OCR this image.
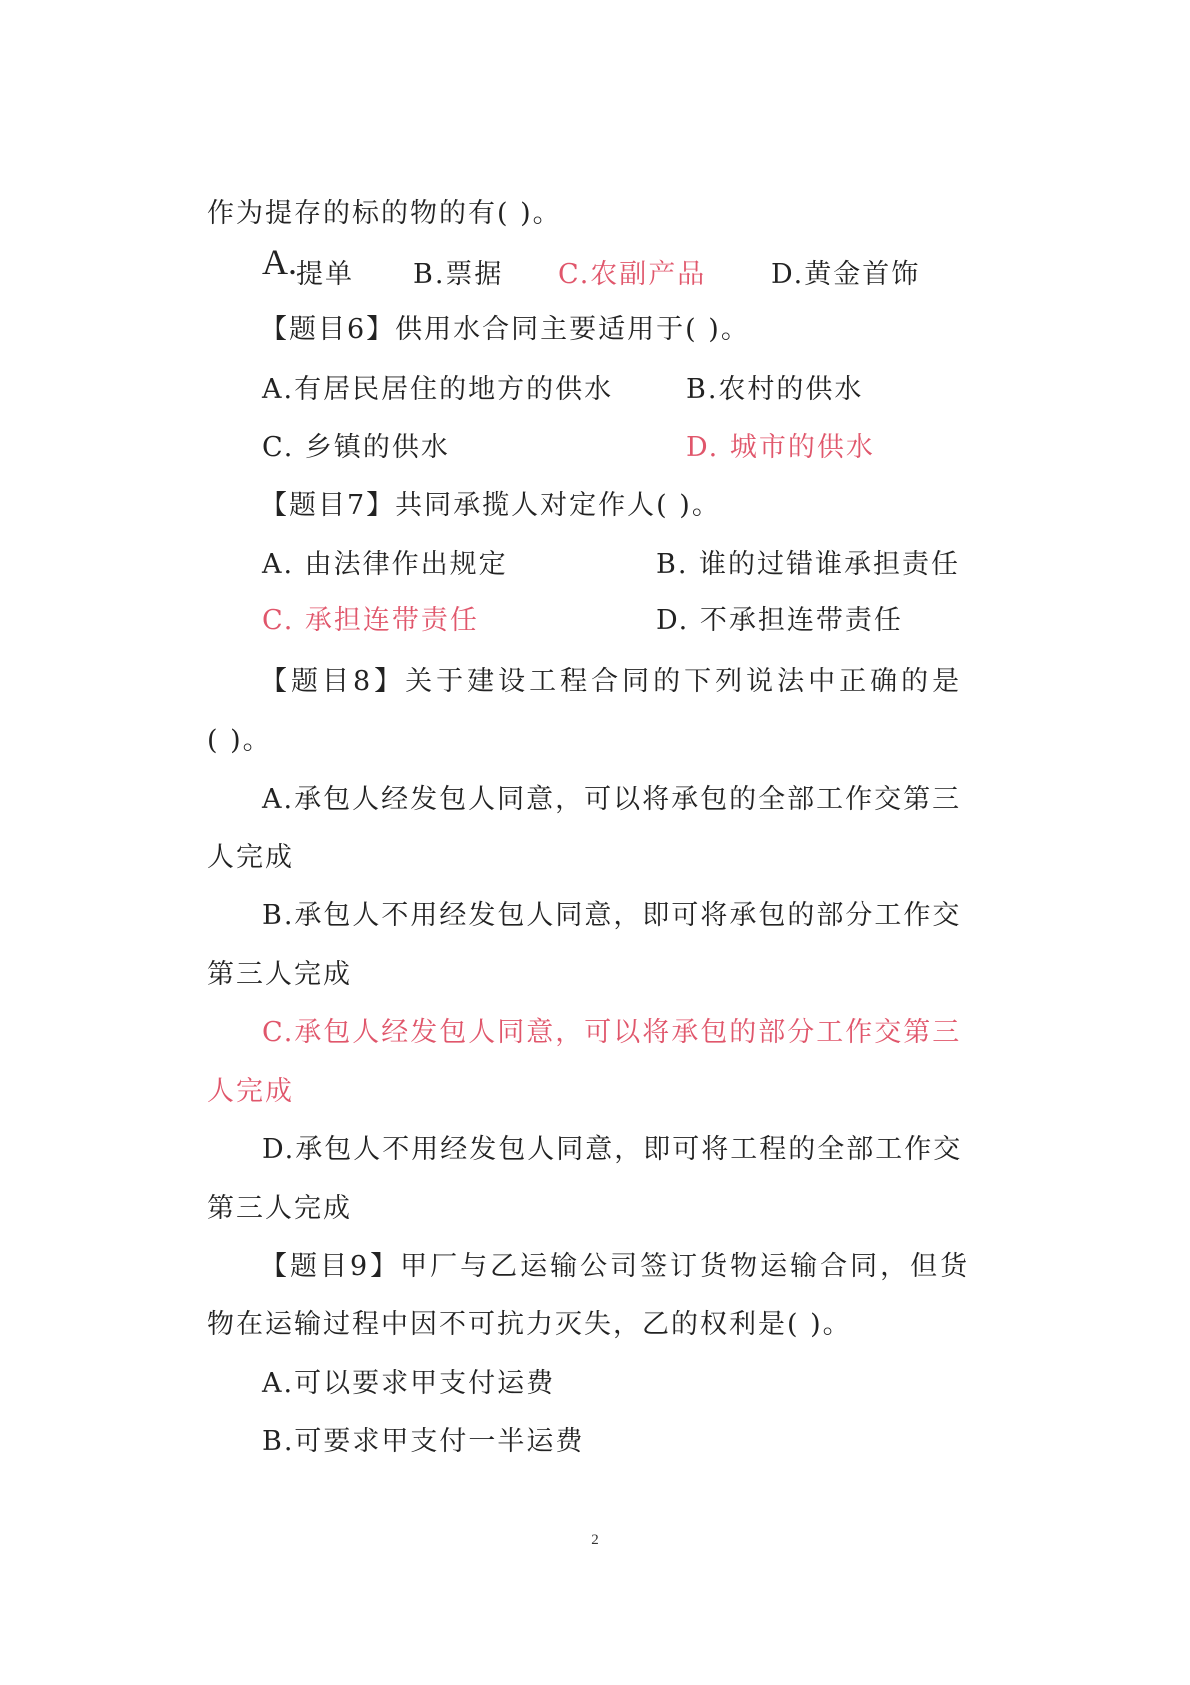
作为提存的标的物的有( )。
A. 提单 B.票据 C.农副产品 D.黄金首饰
【题目6】供用水合同主要适用于( )。
A.有居民居住的地方的供水	B.农村的供水
C. 乡镇的供水	D. 城市的供水
【题目7】共同承揽人对定作人( )。
A. 由法律作出规定	B. 谁的过错谁承担责任
C. 承担连带责任	D. 不承担连带责任
【题目8】关于建设工程合同的下列说法中正确的是
( )。
A.承包人经发包人同意，可以将承包的全部工作交第三
人完成
B.承包人不用经发包人同意，即可将承包的部分工作交
第三人完成
C.承包人经发包人同意，可以将承包的部分工作交第三
人完成
D.承包人不用经发包人同意，即可将工程的全部工作交
第三人完成
【题目9】甲厂与乙运输公司签订货物运输合同，但货
物在运输过程中因不可抗力灭失，乙的权利是( )。
A.可以要求甲支付运费
B.可要求甲支付一半运费
2
